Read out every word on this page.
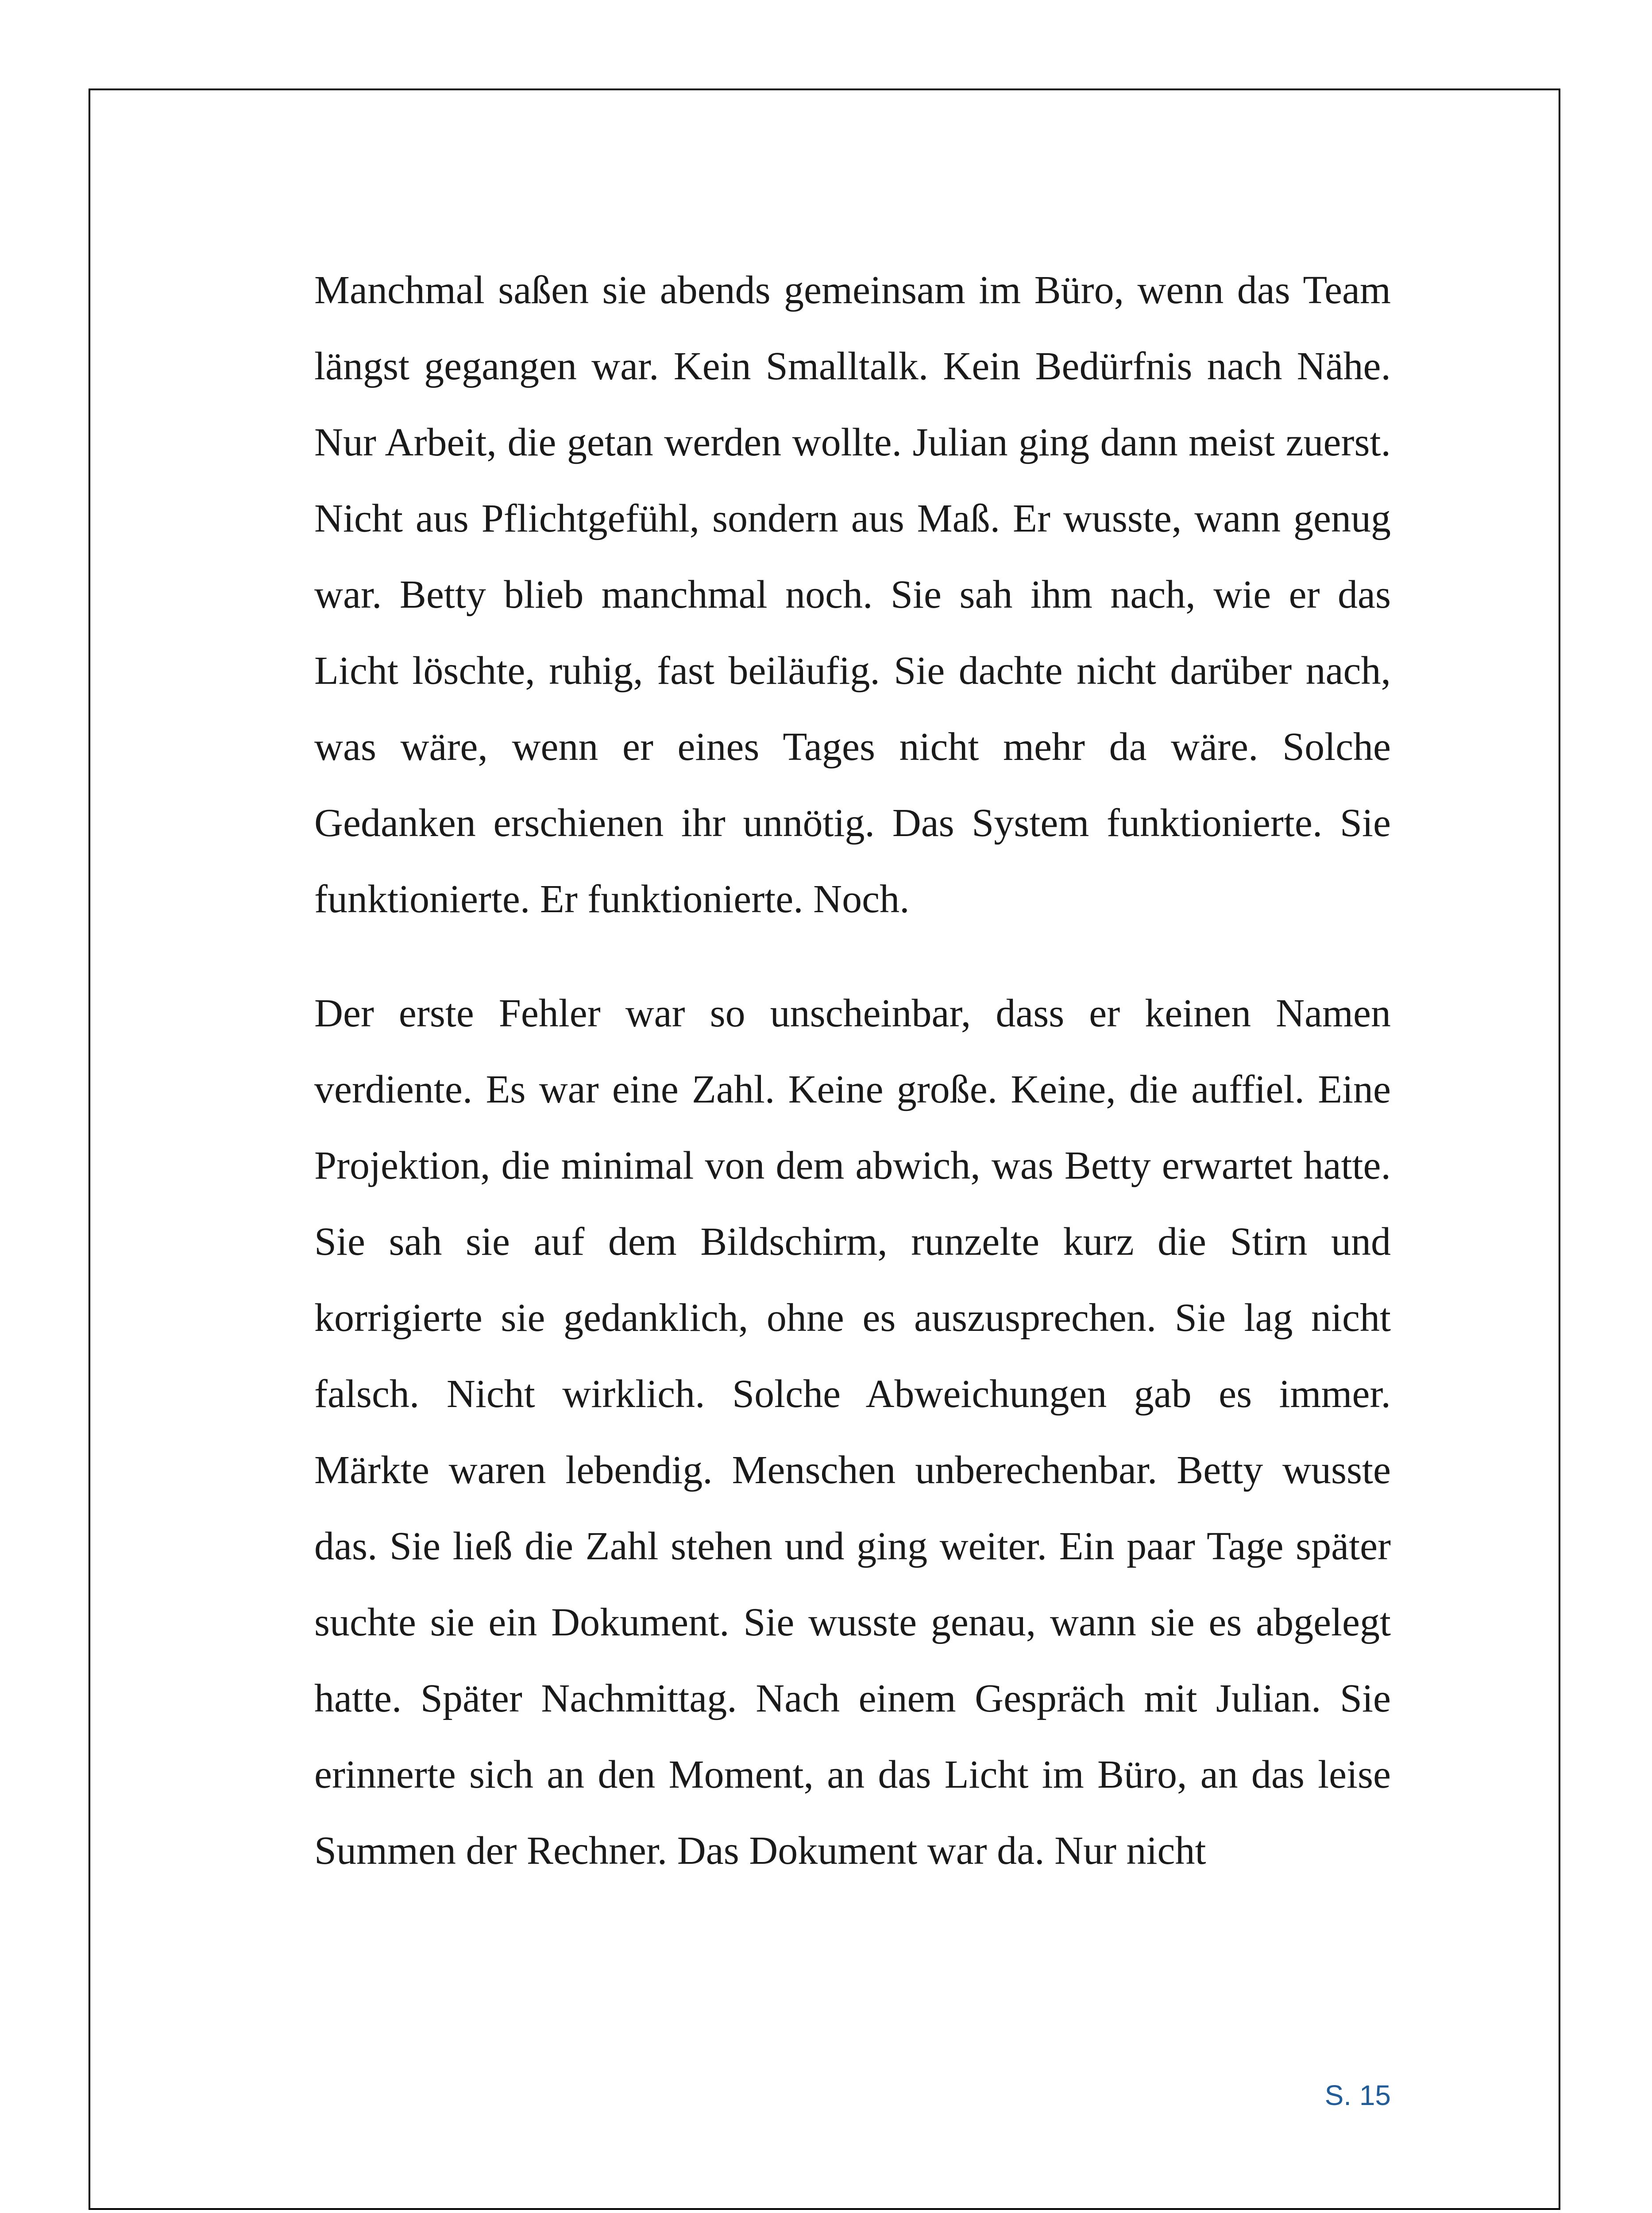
Manchmal saßen sie abends gemeinsam im Büro, wenn das Team längst gegangen war. Kein Smalltalk. Kein Bedürfnis nach Nähe. Nur Arbeit, die getan werden wollte. Julian ging dann meist zuerst. Nicht aus Pflichtgefühl, sondern aus Maß. Er wusste, wann genug war. Betty blieb manchmal noch. Sie sah ihm nach, wie er das Licht löschte, ruhig, fast beiläufig. Sie dachte nicht darüber nach, was wäre, wenn er eines Tages nicht mehr da wäre. Solche Gedanken erschienen ihr unnötig. Das System funktionierte. Sie funktionierte. Er funktionierte. Noch.

Der erste Fehler war so unscheinbar, dass er keinen Namen verdiente. Es war eine Zahl. Keine große. Keine, die auffiel. Eine Projektion, die minimal von dem abwich, was Betty erwartet hatte. Sie sah sie auf dem Bildschirm, runzelte kurz die Stirn und korrigierte sie gedanklich, ohne es auszusprechen. Sie lag nicht falsch. Nicht wirklich. Solche Abweichungen gab es immer. Märkte waren lebendig. Menschen unberechenbar. Betty wusste das. Sie ließ die Zahl stehen und ging weiter. Ein paar Tage später suchte sie ein Dokument. Sie wusste genau, wann sie es abgelegt hatte. Später Nachmittag. Nach einem Gespräch mit Julian. Sie erinnerte sich an den Moment, an das Licht im Büro, an das leise Summen der Rechner. Das Dokument war da. Nur nicht

S. 15
